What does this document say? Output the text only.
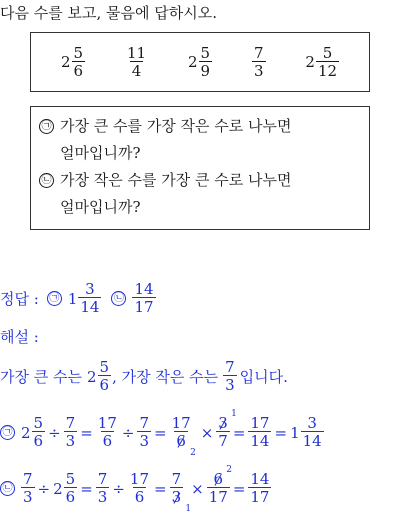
다음 수를 보고, 물음에 답하시오.
$2 \frac{5}{6}$	$\frac{11}{4}$	$2 \frac{5}{9}$	$\frac{7}{3}$	$2 \frac{5}{12}$
㉠ 가장 큰 수를 가장 작은 수로 나누면
얼마입니까?
㉡ 가장 작은 수를 가장 큰 수로 나누면
얼마입니까?
정답 : ㉠ $1 \frac{3}{14}$ ㉡ $\frac{14}{17}$
해설 :
가장 큰 수는 $2 \frac{5}{6}$ , 가장 작은 수는 $\frac{7}{3}$ 입니다.
㉠ $2 \frac{5}{6} \div \frac{7}{3} = \frac{17}{6} \div \frac{7}{3} = 17$
6
$2 \times \frac{3 1}{7} = \frac{17}{14} = 1 \frac{3}{14}$
㉡ $\frac{7}{3} \div 2 \frac{5}{6} = \frac{7}{3} \div \frac{17}{6} = 7$
3
$1 \times \frac{6 2}{17} = \frac{14}{17}$
